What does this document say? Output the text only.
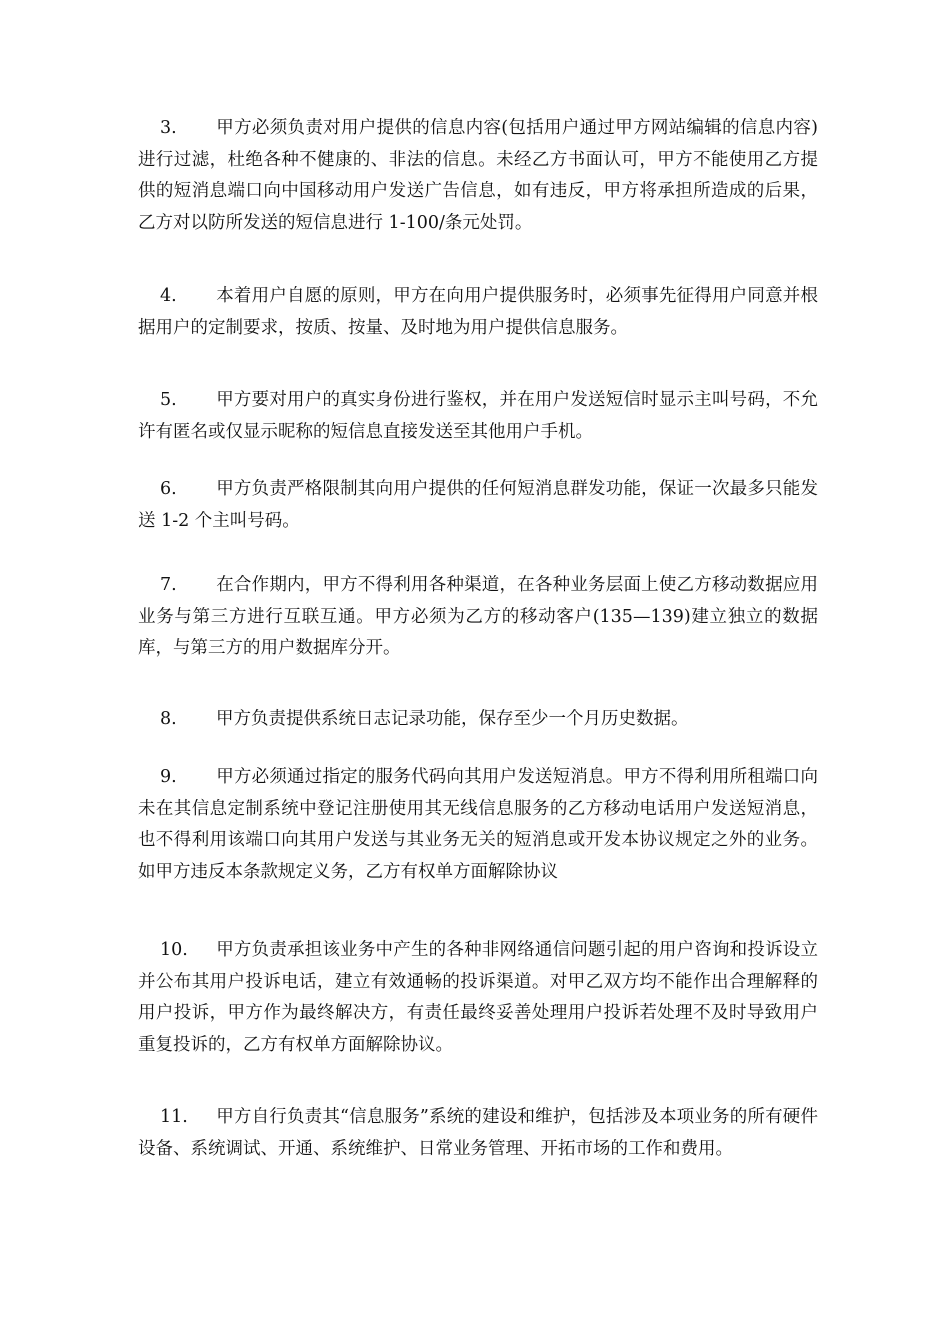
3. 甲方必须负责对用户提供的信息内容(包括用户通过甲方网站编辑的信息内容)进行过滤，杜绝各种不健康的、非法的信息。未经乙方书面认可，甲方不能使用乙方提供的短消息端口向中国移动用户发送广告信息，如有违反，甲方将承担所造成的后果，乙方对以防所发送的短信息进行 1-100/条元处罚。

4. 本着用户自愿的原则，甲方在向用户提供服务时，必须事先征得用户同意并根据用户的定制要求，按质、按量、及时地为用户提供信息服务。

5. 甲方要对用户的真实身份进行鉴权，并在用户发送短信时显示主叫号码，不允许有匿名或仅显示昵称的短信息直接发送至其他用户手机。

6. 甲方负责严格限制其向用户提供的任何短消息群发功能，保证一次最多只能发送 1-2 个主叫号码。

7. 在合作期内，甲方不得利用各种渠道，在各种业务层面上使乙方移动数据应用业务与第三方进行互联互通。甲方必须为乙方的移动客户(135—139)建立独立的数据库，与第三方的用户数据库分开。

8. 甲方负责提供系统日志记录功能，保存至少一个月历史数据。

9. 甲方必须通过指定的服务代码向其用户发送短消息。甲方不得利用所租端口向未在其信息定制系统中登记注册使用其无线信息服务的乙方移动电话用户发送短消息，也不得利用该端口向其用户发送与其业务无关的短消息或开发本协议规定之外的业务。如甲方违反本条款规定义务，乙方有权单方面解除协议

10. 甲方负责承担该业务中产生的各种非网络通信问题引起的用户咨询和投诉设立并公布其用户投诉电话，建立有效通畅的投诉渠道。对甲乙双方均不能作出合理解释的用户投诉，甲方作为最终解决方，有责任最终妥善处理用户投诉若处理不及时导致用户重复投诉的，乙方有权单方面解除协议。

11. 甲方自行负责其“信息服务”系统的建设和维护，包括涉及本项业务的所有硬件设备、系统调试、开通、系统维护、日常业务管理、开拓市场的工作和费用。
